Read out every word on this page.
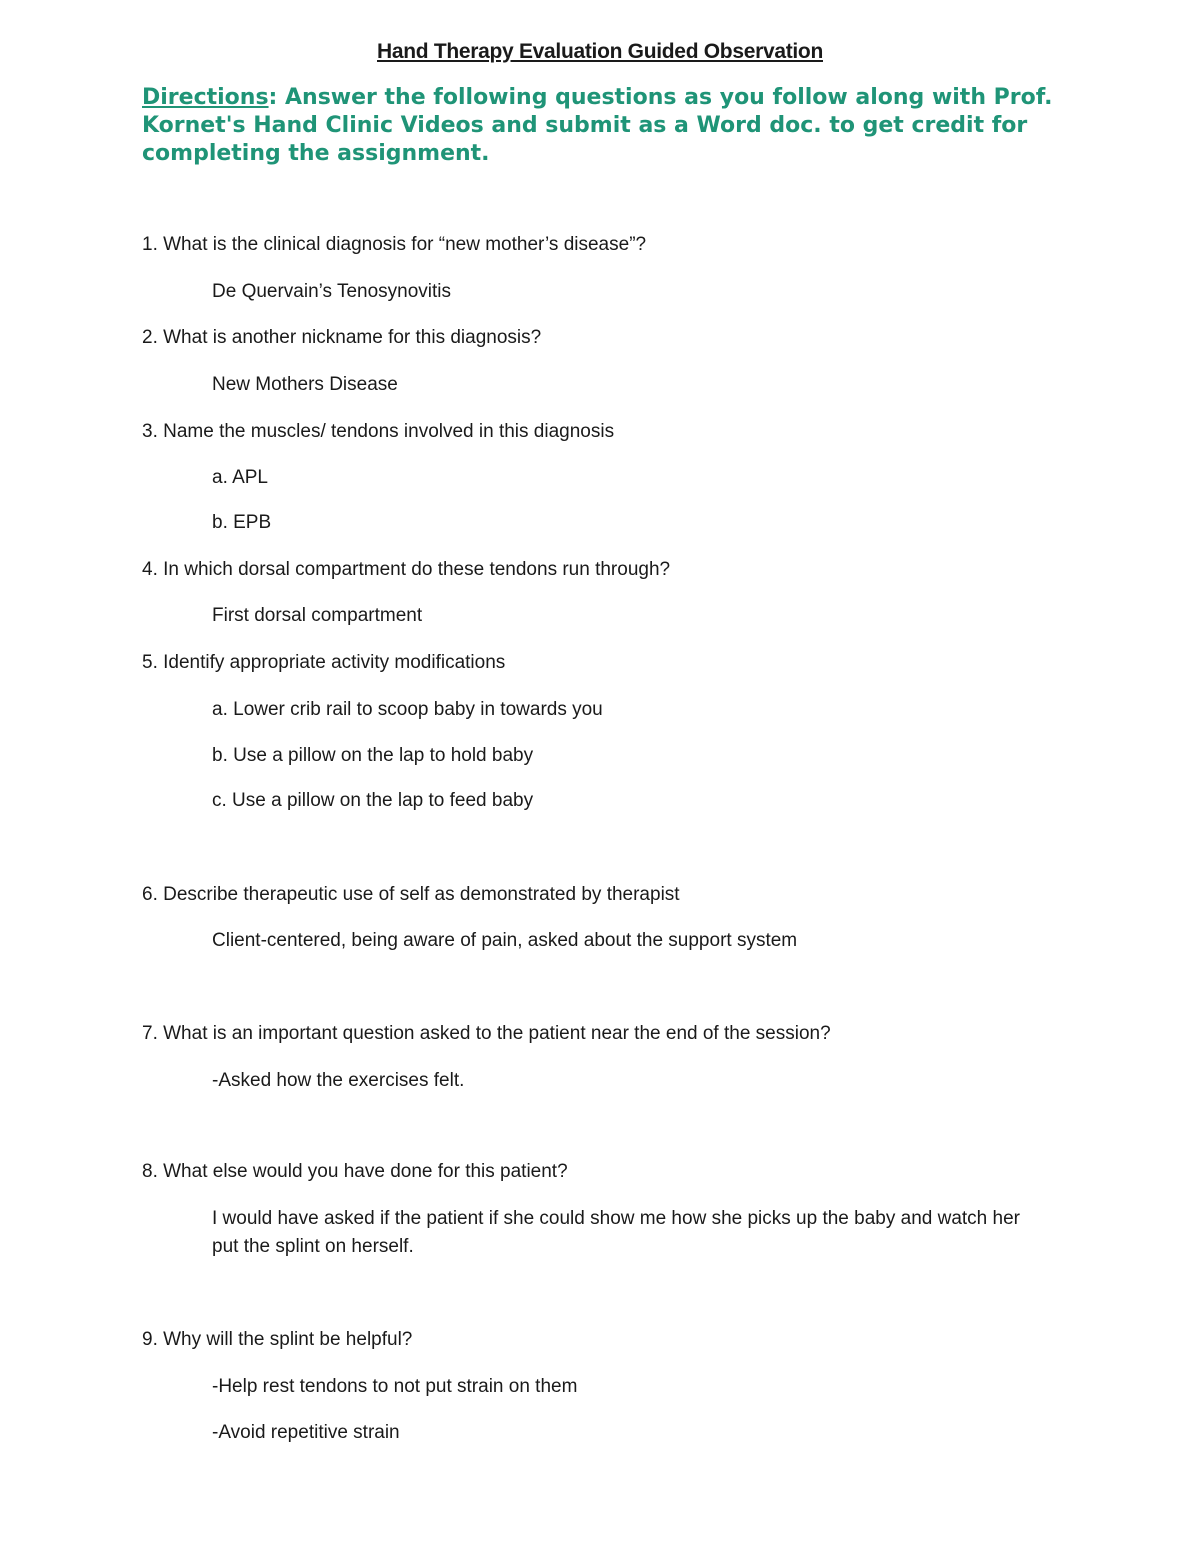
Hand Therapy Evaluation Guided Observation
Directions: Answer the following questions as you follow along with Prof. Kornet's Hand Clinic Videos and submit as a Word doc. to get credit for completing the assignment.
1. What is the clinical diagnosis for “new mother’s disease”?
De Quervain’s Tenosynovitis
2. What is another nickname for this diagnosis?
New Mothers Disease
3. Name the muscles/ tendons involved in this diagnosis
a. APL
b. EPB
4. In which dorsal compartment do these tendons run through?
First dorsal compartment
5. Identify appropriate activity modifications
a. Lower crib rail to scoop baby in towards you
b. Use a pillow on the lap to hold baby
c. Use a pillow on the lap to feed baby
6. Describe therapeutic use of self as demonstrated by therapist
Client-centered, being aware of pain, asked about the support system
7. What is an important question asked to the patient near the end of the session?
-Asked how the exercises felt.
8. What else would you have done for this patient?
I would have asked if the patient if she could show me how she picks up the baby and watch her put the splint on herself.
9. Why will the splint be helpful?
-Help rest tendons to not put strain on them
-Avoid repetitive strain
